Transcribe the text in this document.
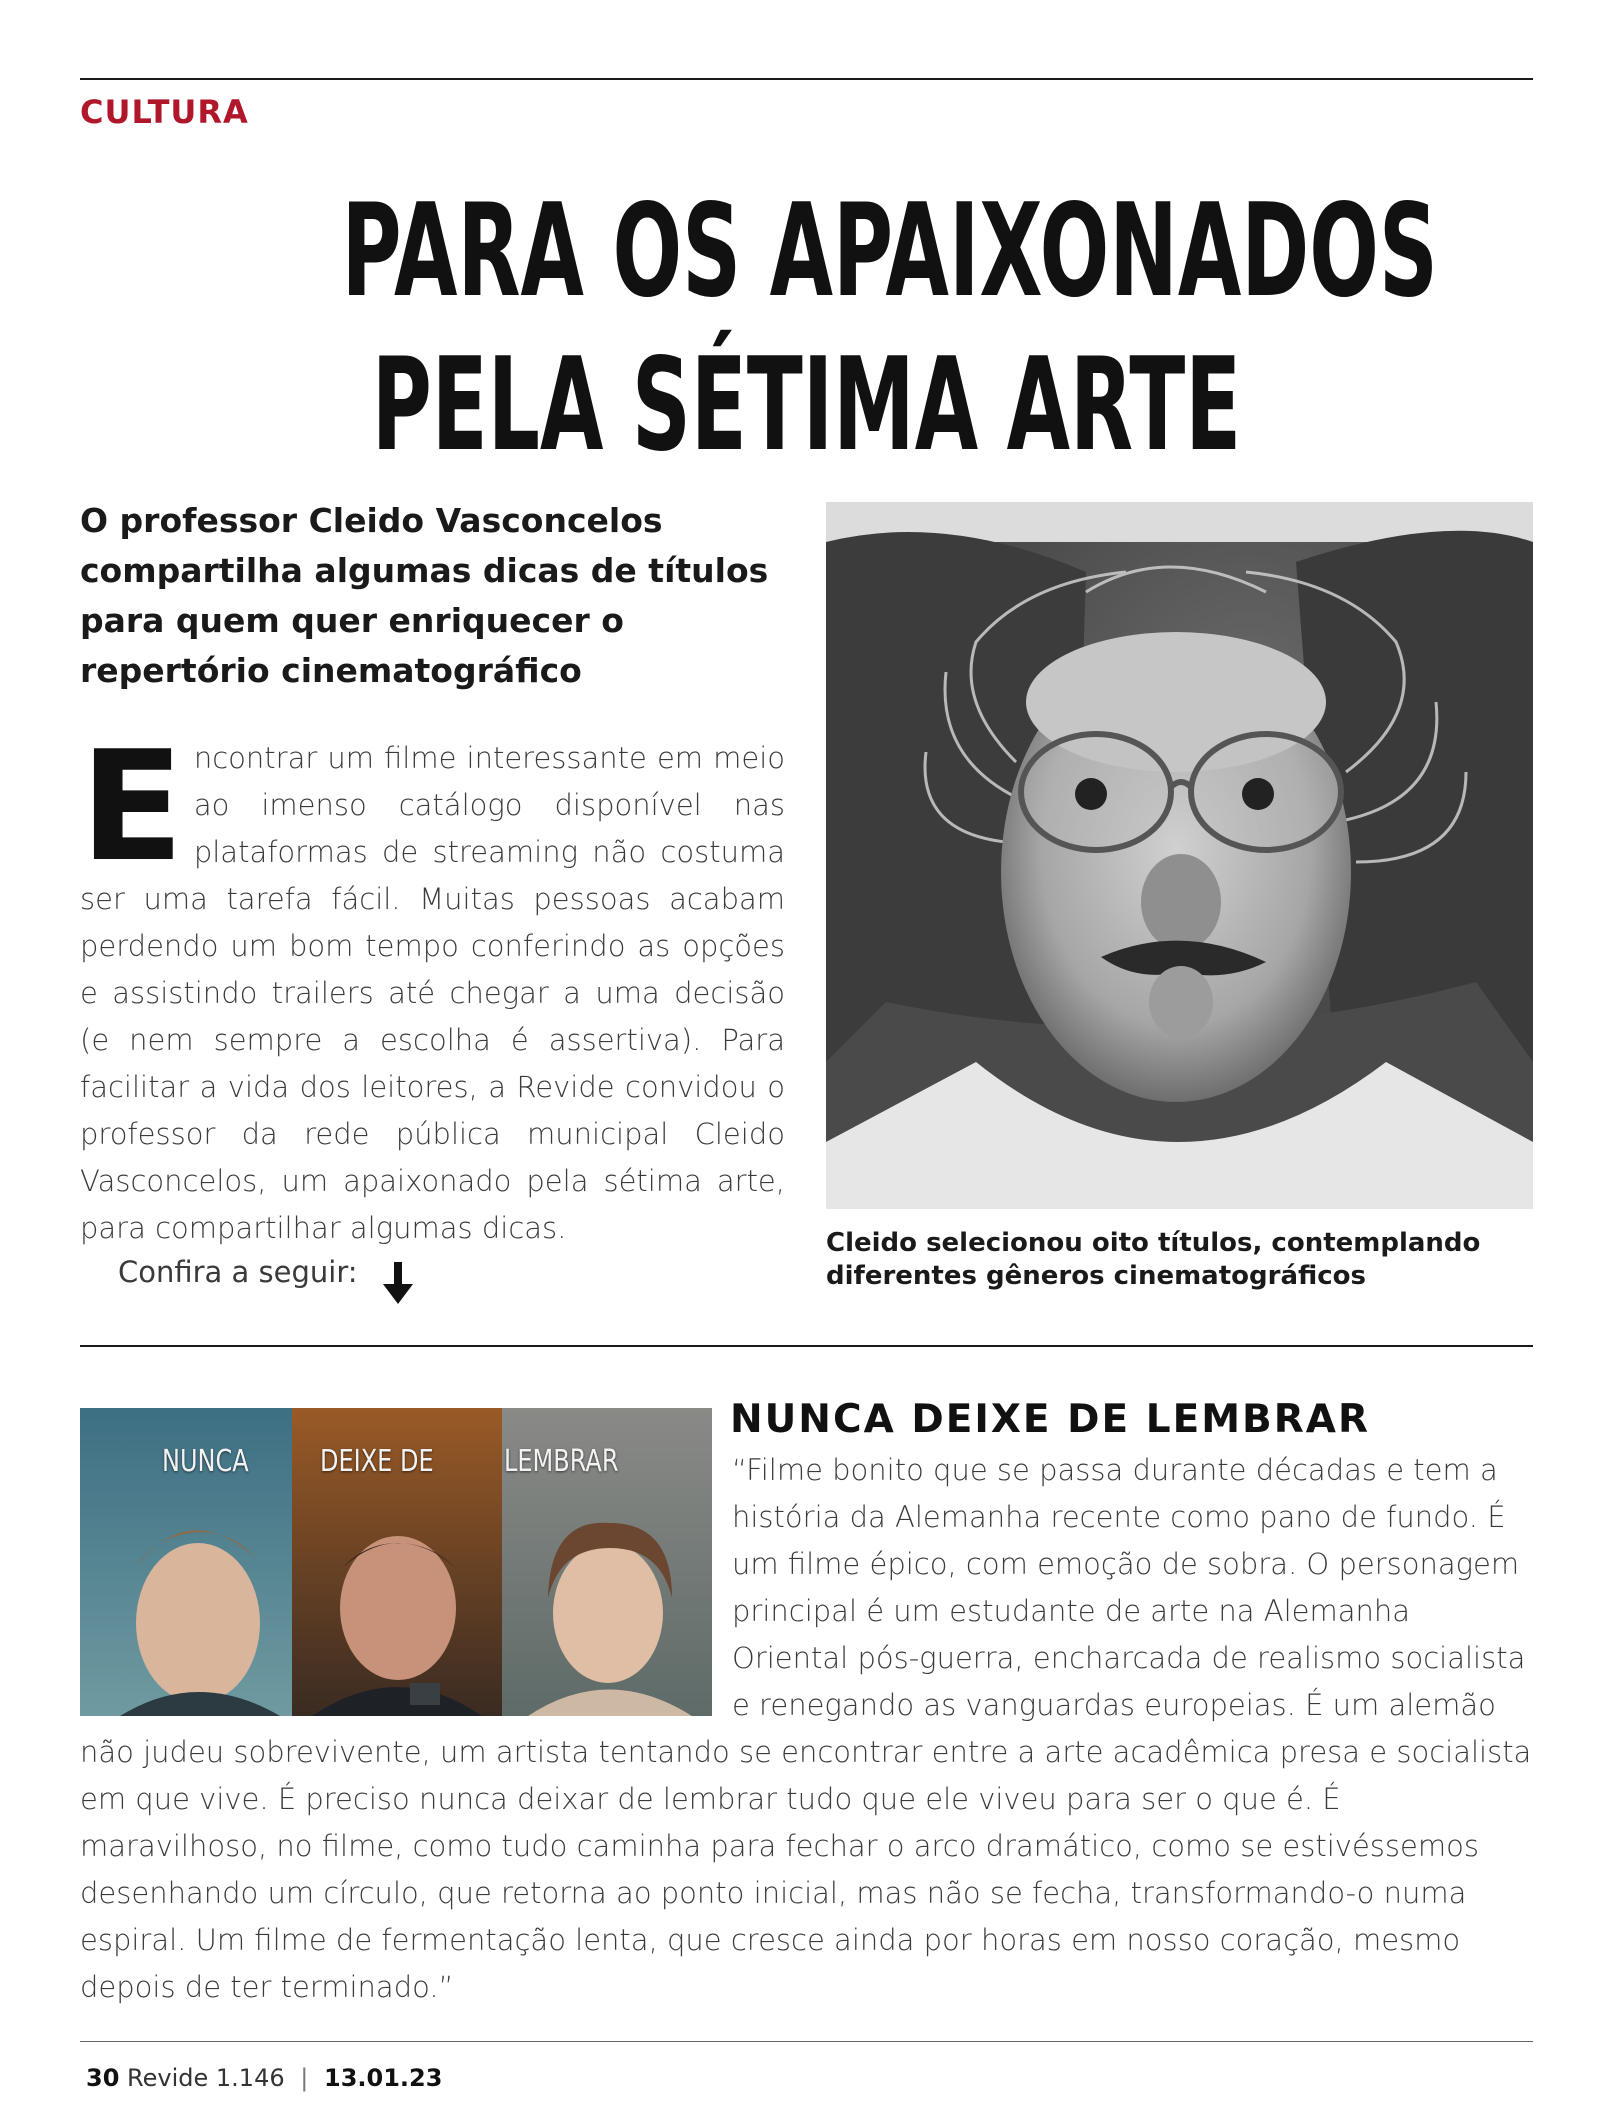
CULTURA

PARA OS APAIXONADOS
PELA SÉTIMA ARTE

O professor Cleido Vasconcelos compartilha algumas dicas de títulos para quem quer enriquecer o repertório cinematográfico

Encontrar um filme interessante em meio ao imenso catálogo disponível nas plataformas de streaming não costuma ser uma tarefa fácil. Muitas pessoas acabam perdendo um bom tempo conferindo as opções e assistindo trailers até chegar a uma decisão (e nem sempre a escolha é assertiva). Para facilitar a vida dos leitores, a Revide convidou o professor da rede pública municipal Cleido Vasconcelos, um apaixonado pela sétima arte, para compartilhar algumas dicas.

Confira a seguir:

Cleido selecionou oito títulos, contemplando diferentes gêneros cinematográficos

NUNCA DEIXE DE LEMBRAR
NUNCA DEIXE DE LEMBRAR

“Filme bonito que se passa durante décadas e tem a história da Alemanha recente como pano de fundo. É um filme épico, com emoção de sobra. O personagem principal é um estudante de arte na Alemanha Oriental pós-guerra, encharcada de realismo socialista e renegando as vanguardas europeias. É um alemão não judeu sobrevivente, um artista tentando se encontrar entre a arte acadêmica presa e socialista em que vive. É preciso nunca deixar de lembrar tudo que ele viveu para ser o que é. É maravilhoso, no filme, como tudo caminha para fechar o arco dramático, como se estivéssemos desenhando um círculo, que retorna ao ponto inicial, mas não se fecha, transformando-o numa espiral. Um filme de fermentação lenta, que cresce ainda por horas em nosso coração, mesmo depois de ter terminado.”

30 Revide 1.146 | 13.01.23
